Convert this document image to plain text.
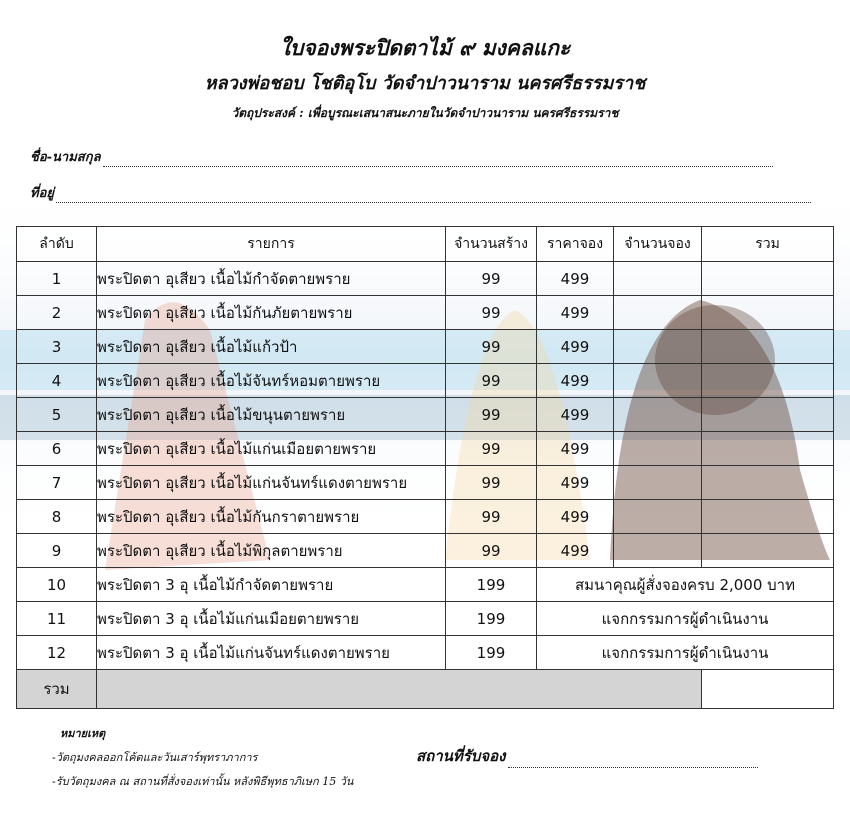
ใบจองพระปิดตาไม้ ๙ มงคลแกะ
หลวงพ่อชอบ โชติอุโบ วัดจำปาวนาราม นครศรีธรรมราช
วัตถุประสงค์ : เพื่อบูรณะเสนาสนะภายในวัดจำปาวนาราม นครศรีธรรมราช
ชื่อ-นามสกุล
ที่อยู่
ลำดับ	รายการ	จำนวนสร้าง	ราคาจอง	จำนวนจอง	รวม
1	พระปิดตา อุเสียว เนื้อไม้กำจัดตายพราย	99	499		
2	พระปิดตา อุเสียว เนื้อไม้กันภัยตายพราย	99	499		
3	พระปิดตา อุเสียว เนื้อไม้แก้วป้า	99	499		
4	พระปิดตา อุเสียว เนื้อไม้จันทร์หอมตายพราย	99	499		
5	พระปิดตา อุเสียว เนื้อไม้ขนุนตายพราย	99	499		
6	พระปิดตา อุเสียว เนื้อไม้แก่นเมือยตายพราย	99	499		
7	พระปิดตา อุเสียว เนื้อไม้แก่นจันทร์แดงตายพราย	99	499		
8	พระปิดตา อุเสียว เนื้อไม้กันกราตายพราย	99	499		
9	พระปิดตา อุเสียว เนื้อไม้พิกุลตายพราย	99	499		
10	พระปิดตา 3 อุ เนื้อไม้กำจัดตายพราย	199	สมนาคุณผู้สั่งจองครบ 2,000 บาท		
11	พระปิดตา 3 อุ เนื้อไม้แก่นเมือยตายพราย	199	แจกกรรมการผู้ดำเนินงาน		
12	พระปิดตา 3 อุ เนื้อไม้แก่นจันทร์แดงตายพราย	199	แจกกรรมการผู้ดำเนินงาน		
รวม					
หมายเหตุ
-วัตถุมงคลออกโค้ดและวันเสาร์พุทราภาการ
-รับวัตถุมงคล ณ สถานที่สั่งจองเท่านั้น หลังพิธีพุทธาภิเษก 15 วัน
สถานที่รับจอง
